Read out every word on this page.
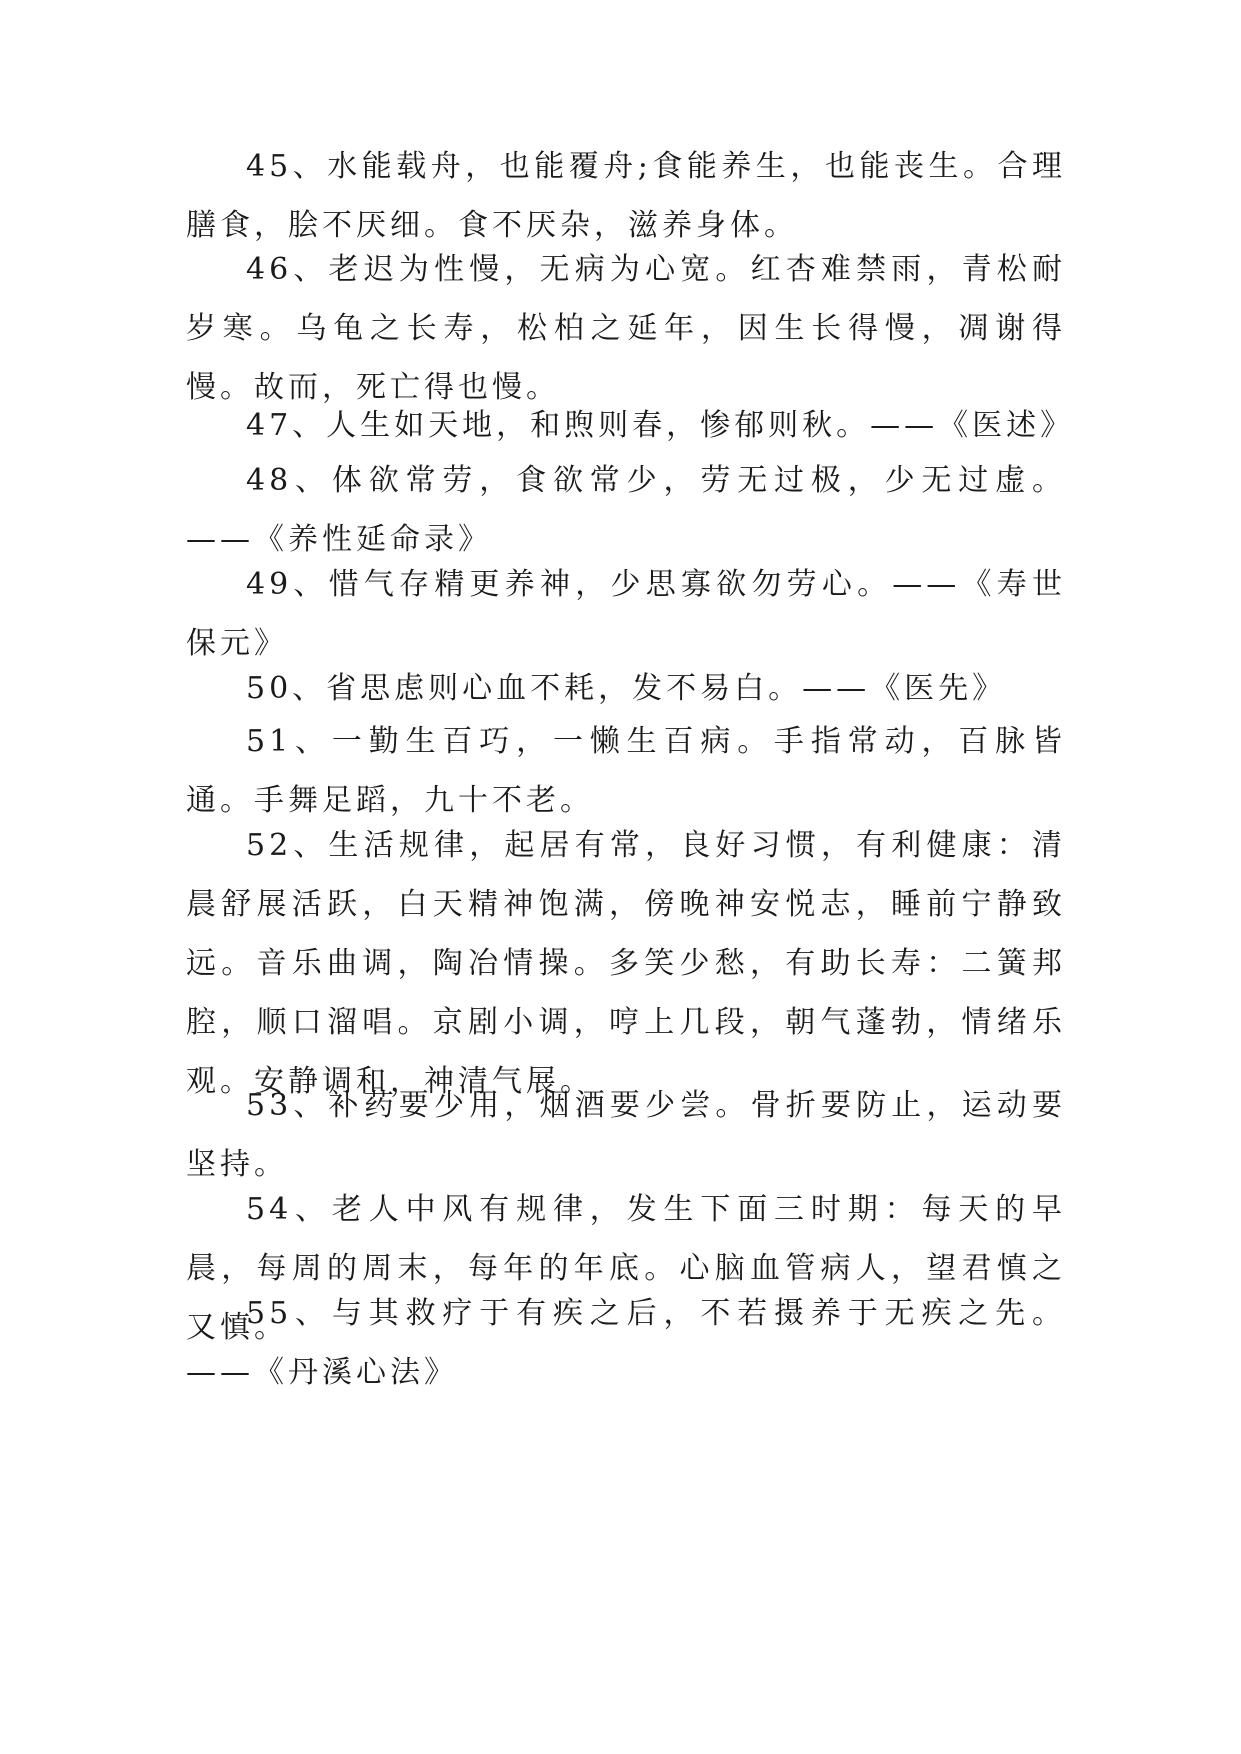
45、水能载舟，也能覆舟;食能养生，也能丧生。合理膳食，脍不厌细。食不厌杂，滋养身体。

46、老迟为性慢，无病为心宽。红杏难禁雨，青松耐岁寒。乌龟之长寿，松柏之延年，因生长得慢，凋谢得慢。故而，死亡得也慢。

47、人生如天地，和煦则春，惨郁则秋。——《医述》

48、体欲常劳，食欲常少，劳无过极，少无过虚。——《养性延命录》

49、惜气存精更养神，少思寡欲勿劳心。——《寿世保元》

50、省思虑则心血不耗，发不易白。——《医先》

51、一勤生百巧，一懒生百病。手指常动，百脉皆通。手舞足蹈，九十不老。

52、生活规律，起居有常，良好习惯，有利健康：清晨舒展活跃，白天精神饱满，傍晚神安悦志，睡前宁静致远。音乐曲调，陶冶情操。多笑少愁，有助长寿：二簧邦腔，顺口溜唱。京剧小调，哼上几段，朝气蓬勃，情绪乐观。安静调和，神清气展。

53、补药要少用，烟酒要少尝。骨折要防止，运动要坚持。

54、老人中风有规律，发生下面三时期：每天的早晨，每周的周末，每年的年底。心脑血管病人，望君慎之又慎。

55、与其救疗于有疾之后，不若摄养于无疾之先。——《丹溪心法》
